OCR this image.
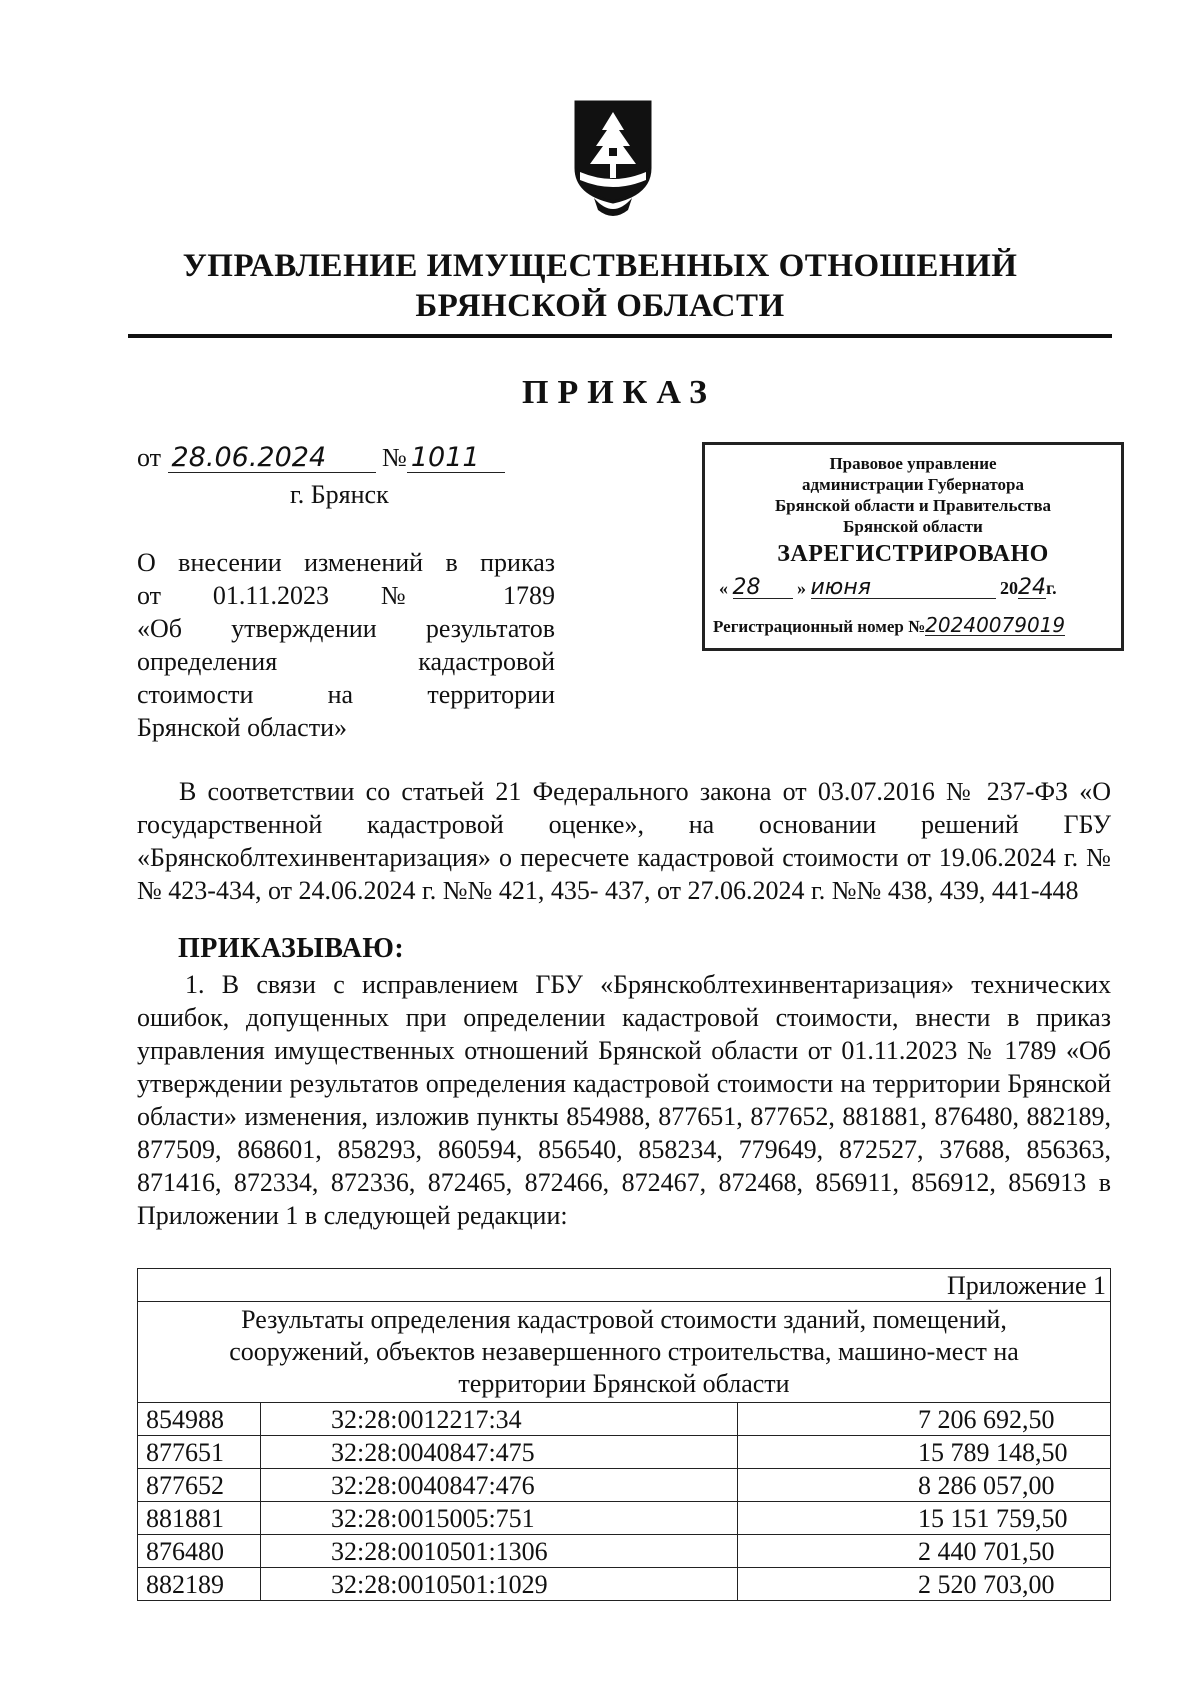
УПРАВЛЕНИЕ ИМУЩЕСТВЕННЫХ ОТНОШЕНИЙ
БРЯНСКОЙ ОБЛАСТИ
ПРИКАЗ
от 28.06.2024 № 1011
г. Брянск
Правовое управление
администрации Губернатора
Брянской области и Правительства
Брянской области
ЗАРЕГИСТРИРОВАНО
« 28 » июня	2024г.
Регистрационный номер №20240079019
О внесении изменений в приказ
от 01.11.2023 № 1789
«Об утверждении результатов
определения кадастровой
стоимости на территории
Брянской области»
В соответствии со статьей 21 Федерального закона от 03.07.2016 № 237-ФЗ «О государственной кадастровой оценке», на основании решений ГБУ «Брянскоблтехинвентаризация» о пересчете кадастровой стоимости от 19.06.2024 г. №№ 423-434, от 24.06.2024 г. №№ 421, 435- 437, от 27.06.2024 г. №№ 438, 439, 441-448
ПРИКАЗЫВАЮ:
1. В связи с исправлением ГБУ «Брянскоблтехинвентаризация» технических ошибок, допущенных при определении кадастровой стоимости, внести в приказ управления имущественных отношений Брянской области от 01.11.2023 № 1789 «Об утверждении результатов определения кадастровой стоимости на территории Брянской области» изменения, изложив пункты 854988, 877651, 877652, 881881, 876480, 882189, 877509, 868601, 858293, 860594, 856540, 858234, 779649, 872527, 37688, 856363, 871416, 872334, 872336, 872465, 872466, 872467, 872468, 856911, 856912, 856913 в Приложении 1 в следующей редакции:
Приложение 1		
Результаты определения кадастровой стоимости зданий, помещений, сооружений, объектов незавершенного строительства, машино-мест на территории Брянской области		
854988	32:28:0012217:34	7 206 692,50
877651	32:28:0040847:475	15 789 148,50
877652	32:28:0040847:476	8 286 057,00
881881	32:28:0015005:751	15 151 759,50
876480	32:28:0010501:1306	2 440 701,50
882189	32:28:0010501:1029	2 520 703,00
